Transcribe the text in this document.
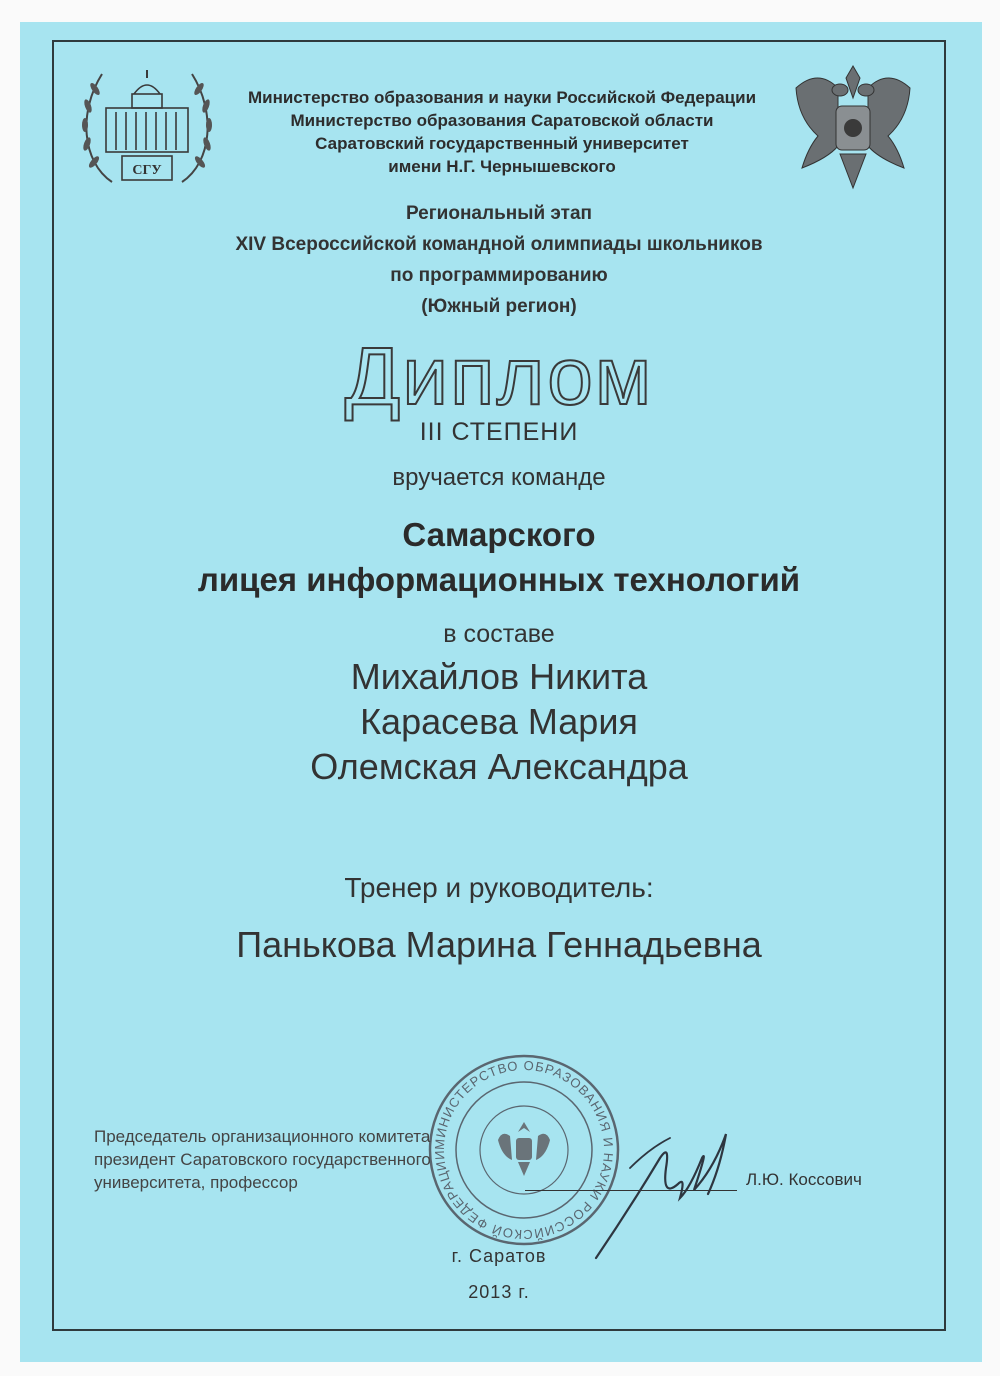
СГУ
Министерство образования и науки Российской Федерации
Министерство образования Саратовской области
Саратовский государственный университет
имени Н.Г. Чернышевского
Региональный этап
XIV Всероссийской командной олимпиады школьников
по программированию
(Южный регион)
Диплом
III СТЕПЕНИ
вручается команде
Самарского
лицея информационных технологий
в составе
Михайлов Никита
Карасева Мария
Олемская Александра
Тренер и руководитель:
Панькова Марина Геннадьевна
МИНИСТЕРСТВО ОБРАЗОВАНИЯ И НАУКИ РОССИЙСКОЙ ФЕДЕРАЦИИ
Председатель организационного комитета
президент Саратовского государственного
университета, профессор	Л.Ю. Коссович
г. Саратов
2013 г.
